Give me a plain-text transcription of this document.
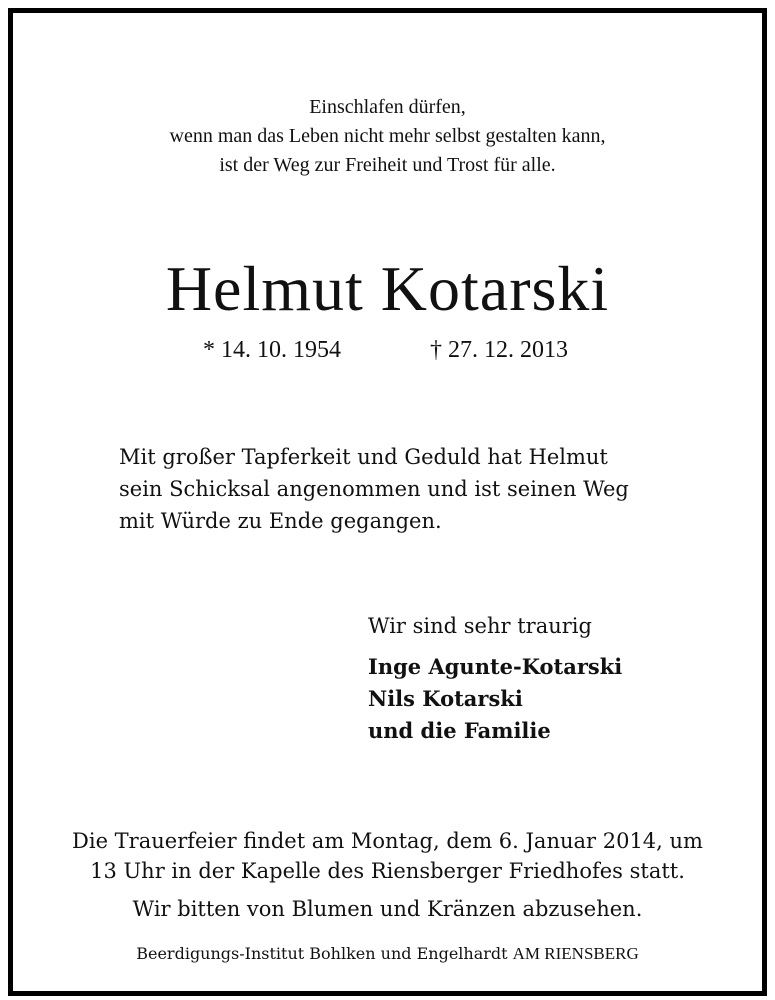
Einschlafen dürfen,
wenn man das Leben nicht mehr selbst gestalten kann,
ist der Weg zur Freiheit und Trost für alle.
Helmut Kotarski
* 14. 10. 1954	† 27. 12. 2013
Mit großer Tapferkeit und Geduld hat Helmut
sein Schicksal angenommen und ist seinen Weg
mit Würde zu Ende gegangen.
Wir sind sehr traurig
Inge Agunte-Kotarski
Nils Kotarski
und die Familie
Die Trauerfeier findet am Montag, dem 6. Januar 2014, um
13 Uhr in der Kapelle des Riensberger Friedhofes statt.
Wir bitten von Blumen und Kränzen abzusehen.
Beerdigungs-Institut Bohlken und Engelhardt AM RIENSBERG
